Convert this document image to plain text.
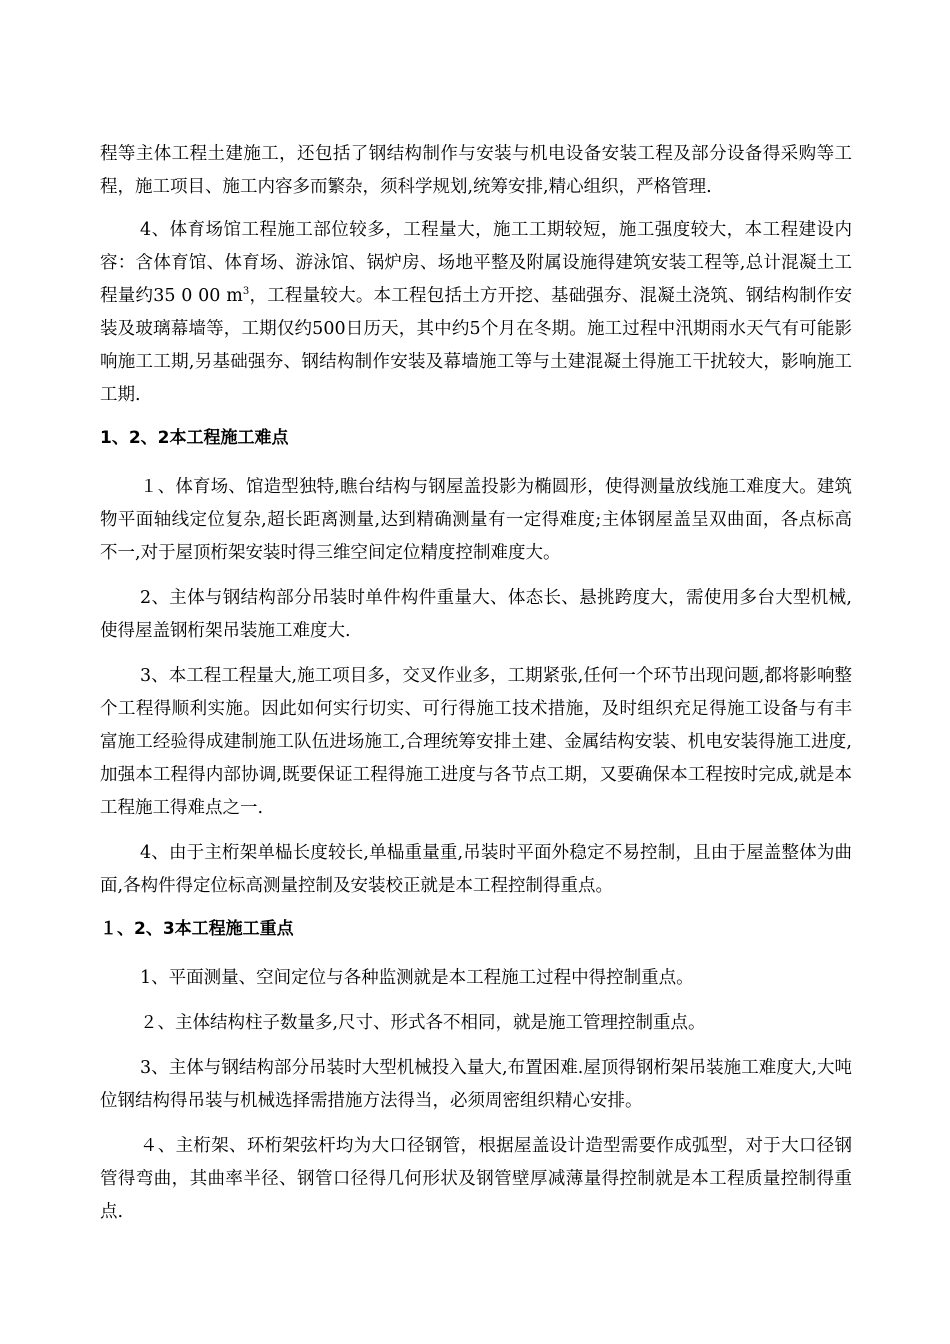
程等主体工程土建施工，还包括了钢结构制作与安装与机电设备安装工程及部分设备得采购等工程，施工项目、施工内容多而繁杂，须科学规划,统筹安排,精心组织，严格管理.

4、体育场馆工程施工部位较多，工程量大，施工工期较短，施工强度较大，本工程建设内容：含体育馆、体育场、游泳馆、锅炉房、场地平整及附属设施得建筑安装工程等,总计混凝土工程量约35 0 00 $m^3$，工程量较大。本工程包括土方开挖、基础强夯、混凝土浇筑、钢结构制作安装及玻璃幕墙等，工期仅约500日历天，其中约5个月在冬期。施工过程中汛期雨水天气有可能影响施工工期,另基础强夯、钢结构制作安装及幕墙施工等与土建混凝土得施工干扰较大，影响施工工期.

1、2、2本工程施工难点

１、体育场、馆造型独特,瞧台结构与钢屋盖投影为椭圆形，使得测量放线施工难度大。建筑物平面轴线定位复杂,超长距离测量,达到精确测量有一定得难度;主体钢屋盖呈双曲面，各点标高不一,对于屋顶桁架安装时得三维空间定位精度控制难度大。

2、主体与钢结构部分吊装时单件构件重量大、体态长、悬挑跨度大，需使用多台大型机械,使得屋盖钢桁架吊装施工难度大.

3、本工程工程量大,施工项目多，交叉作业多，工期紧张,任何一个环节出现问题,都将影响整个工程得顺利实施。因此如何实行切实、可行得施工技术措施，及时组织充足得施工设备与有丰富施工经验得成建制施工队伍进场施工,合理统筹安排土建、金属结构安装、机电安装得施工进度,加强本工程得内部协调,既要保证工程得施工进度与各节点工期，又要确保本工程按时完成,就是本工程施工得难点之一.

4、由于主桁架单榀长度较长,单榀重量重,吊装时平面外稳定不易控制，且由于屋盖整体为曲面,各构件得定位标高测量控制及安装校正就是本工程控制得重点。

１、2、3本工程施工重点

1、平面测量、空间定位与各种监测就是本工程施工过程中得控制重点。

２、主体结构柱子数量多,尺寸、形式各不相同，就是施工管理控制重点。

3、主体与钢结构部分吊装时大型机械投入量大,布置困难.屋顶得钢桁架吊装施工难度大,大吨位钢结构得吊装与机械选择需措施方法得当，必须周密组织精心安排。

４、主桁架、环桁架弦杆均为大口径钢管，根据屋盖设计造型需要作成弧型，对于大口径钢管得弯曲，其曲率半径、钢管口径得几何形状及钢管壁厚减薄量得控制就是本工程质量控制得重点.
